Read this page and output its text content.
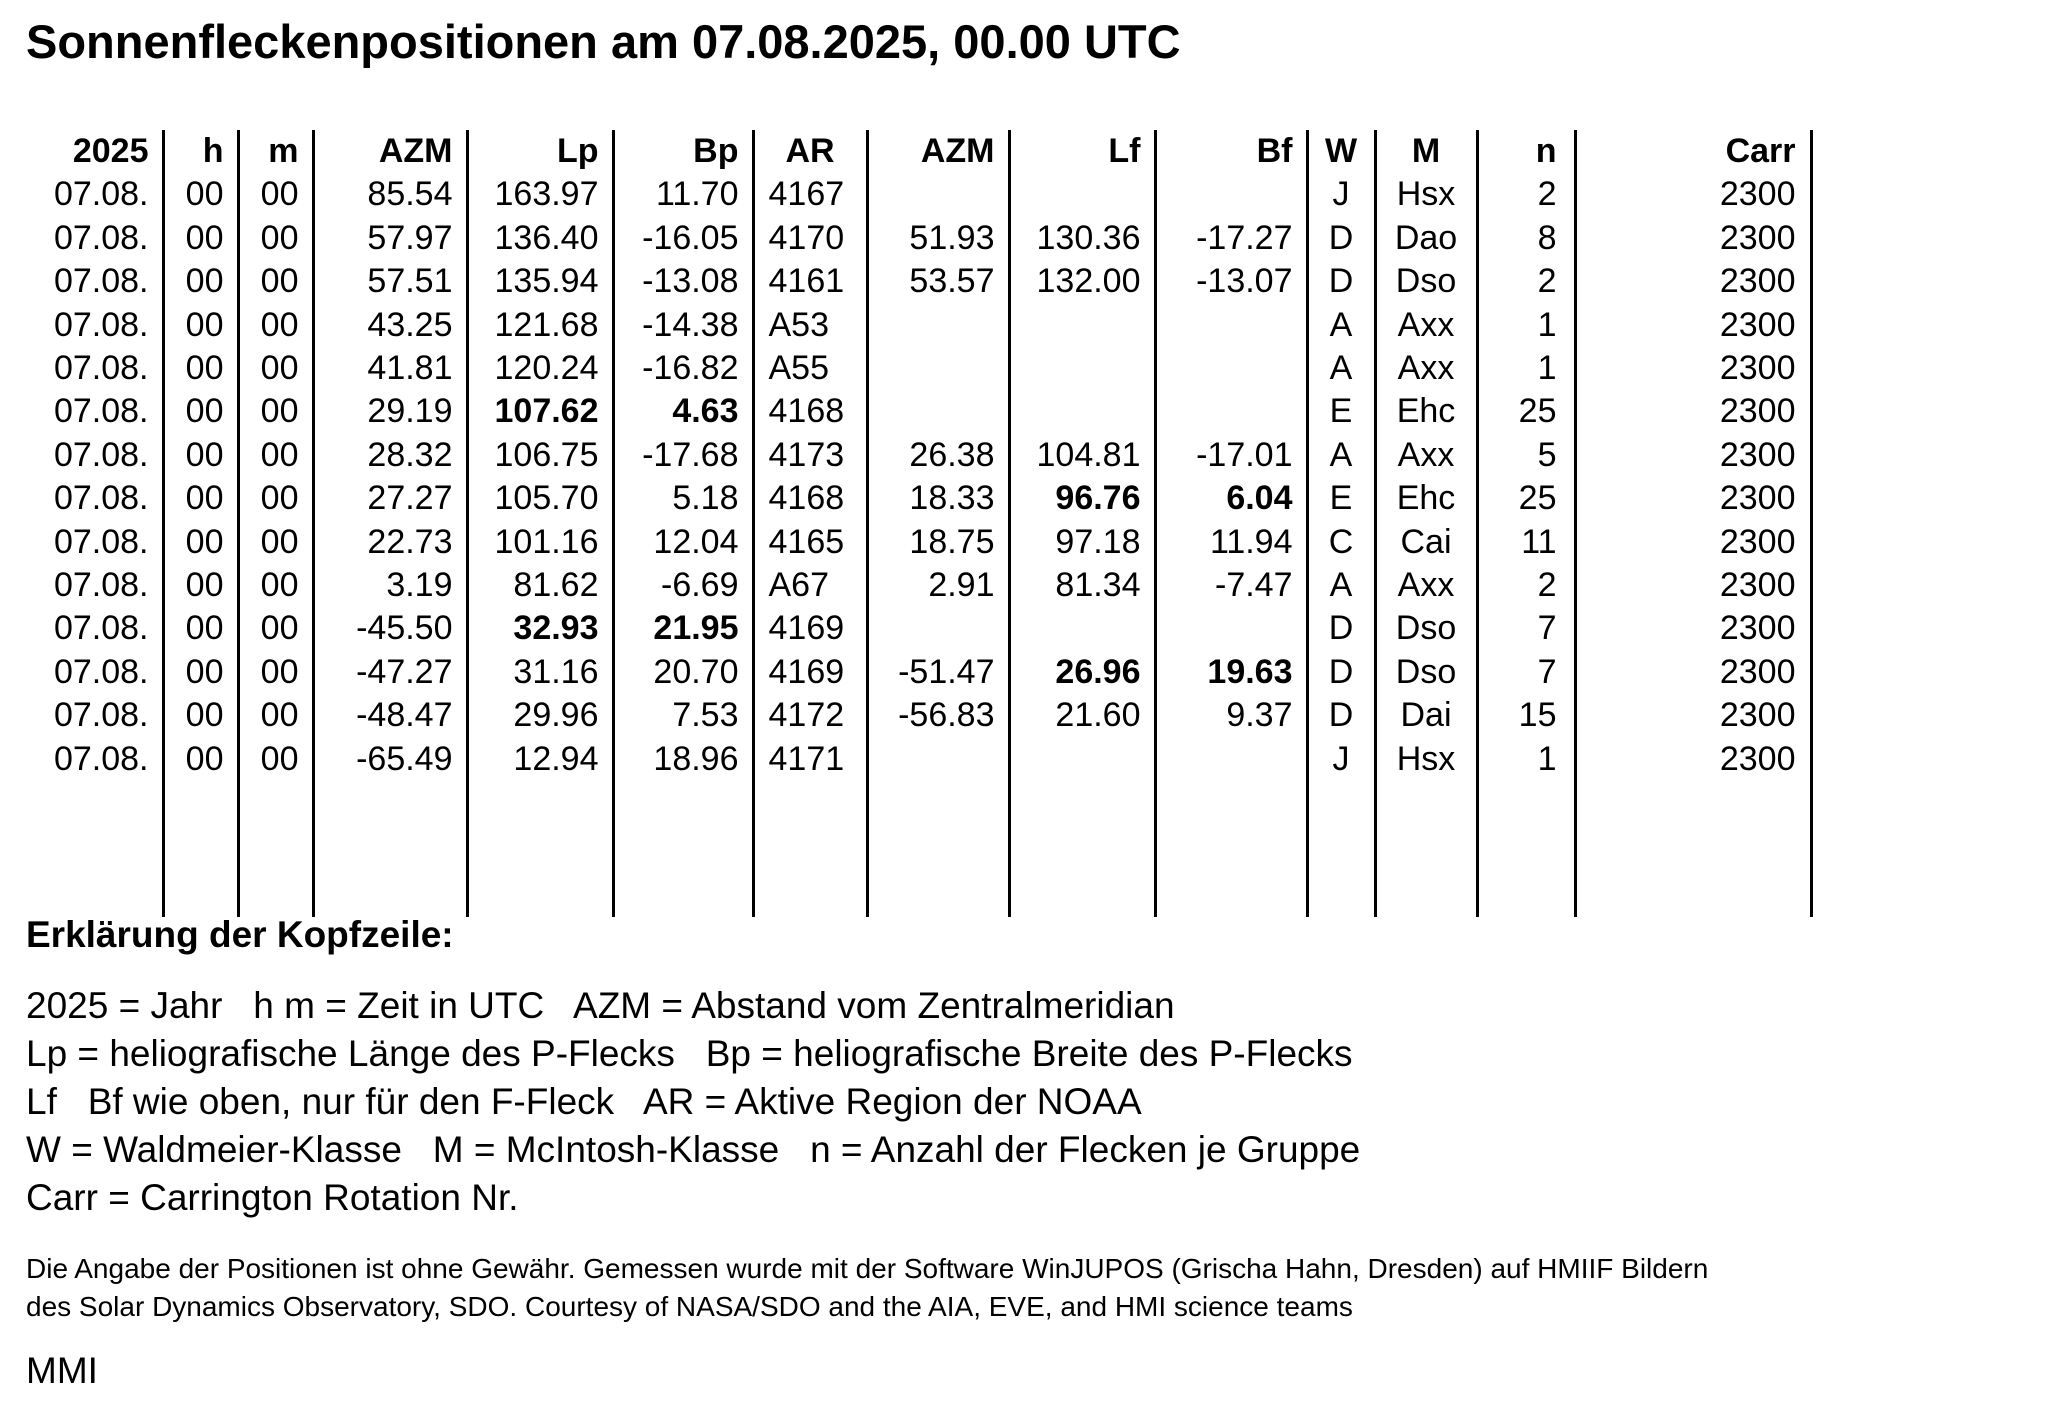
Sonnenfleckenpositionen am 07.08.2025, 00.00 UTC
2025	h	m	AZM	Lp	Bp	AR	AZM	Lf	Bf	W	M	n	Carr
07.08.	00	00	85.54	163.97	11.70	4167				J	Hsx	2	2300
07.08.	00	00	57.97	136.40	-16.05	4170	51.93	130.36	-17.27	D	Dao	8	2300
07.08.	00	00	57.51	135.94	-13.08	4161	53.57	132.00	-13.07	D	Dso	2	2300
07.08.	00	00	43.25	121.68	-14.38	A53				A	Axx	1	2300
07.08.	00	00	41.81	120.24	-16.82	A55				A	Axx	1	2300
07.08.	00	00	29.19	107.62	4.63	4168				E	Ehc	25	2300
07.08.	00	00	28.32	106.75	-17.68	4173	26.38	104.81	-17.01	A	Axx	5	2300
07.08.	00	00	27.27	105.70	5.18	4168	18.33	96.76	6.04	E	Ehc	25	2300
07.08.	00	00	22.73	101.16	12.04	4165	18.75	97.18	11.94	C	Cai	11	2300
07.08.	00	00	3.19	81.62	-6.69	A67	2.91	81.34	-7.47	A	Axx	2	2300
07.08.	00	00	-45.50	32.93	21.95	4169				D	Dso	7	2300
07.08.	00	00	-47.27	31.16	20.70	4169	-51.47	26.96	19.63	D	Dso	7	2300
07.08.	00	00	-48.47	29.96	7.53	4172	-56.83	21.60	9.37	D	Dai	15	2300
07.08.	00	00	-65.49	12.94	18.96	4171				J	Hsx	1	2300

Erklärung der Kopfzeile:
2025 = Jahr   h m = Zeit in UTC   AZM = Abstand vom Zentralmeridian
Lp = heliografische Länge des P-Flecks   Bp = heliografische Breite des P-Flecks
Lf   Bf wie oben, nur für den F-Fleck   AR = Aktive Region der NOAA
W = Waldmeier-Klasse   M = McIntosh-Klasse   n = Anzahl der Flecken je Gruppe
Carr = Carrington Rotation Nr.
Die Angabe der Positionen ist ohne Gewähr. Gemessen wurde mit der Software WinJUPOS (Grischa Hahn, Dresden) auf HMIIF Bildern
des Solar Dynamics Observatory, SDO. Courtesy of NASA/SDO and the AIA, EVE, and HMI science teams
MMI
